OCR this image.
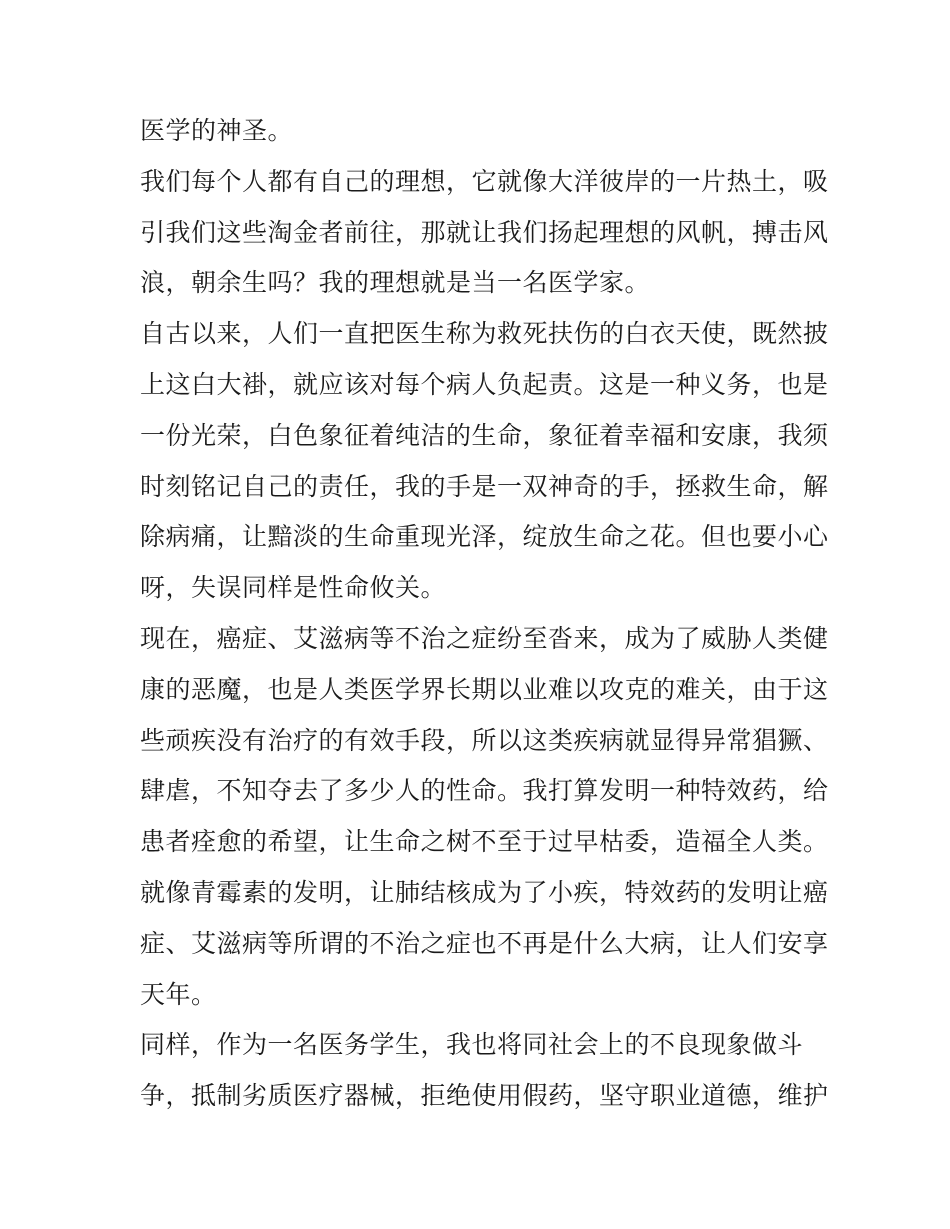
医学的神圣。
我们每个人都有自己的理想，它就像大洋彼岸的一片热土，吸
引我们这些淘金者前往，那就让我们扬起理想的风帆，搏击风
浪，朝余生吗？我的理想就是当一名医学家。
自古以来，人们一直把医生称为救死扶伤的白衣天使，既然披
上这白大褂，就应该对每个病人负起责。这是一种义务，也是
一份光荣，白色象征着纯洁的生命，象征着幸福和安康，我须
时刻铭记自己的责任，我的手是一双神奇的手，拯救生命，解
除病痛，让黯淡的生命重现光泽，绽放生命之花。但也要小心
呀，失误同样是性命攸关。
现在，癌症、艾滋病等不治之症纷至沓来，成为了威胁人类健
康的恶魔，也是人类医学界长期以业难以攻克的难关，由于这
些顽疾没有治疗的有效手段，所以这类疾病就显得异常猖獗、
肆虐，不知夺去了多少人的性命。我打算发明一种特效药，给
患者痊愈的希望，让生命之树不至于过早枯委，造福全人类。
就像青霉素的发明，让肺结核成为了小疾，特效药的发明让癌
症、艾滋病等所谓的不治之症也不再是什么大病，让人们安享
天年。
同样，作为一名医务学生，我也将同社会上的不良现象做斗
争，抵制劣质医疗器械，拒绝使用假药，坚守职业道德，维护
